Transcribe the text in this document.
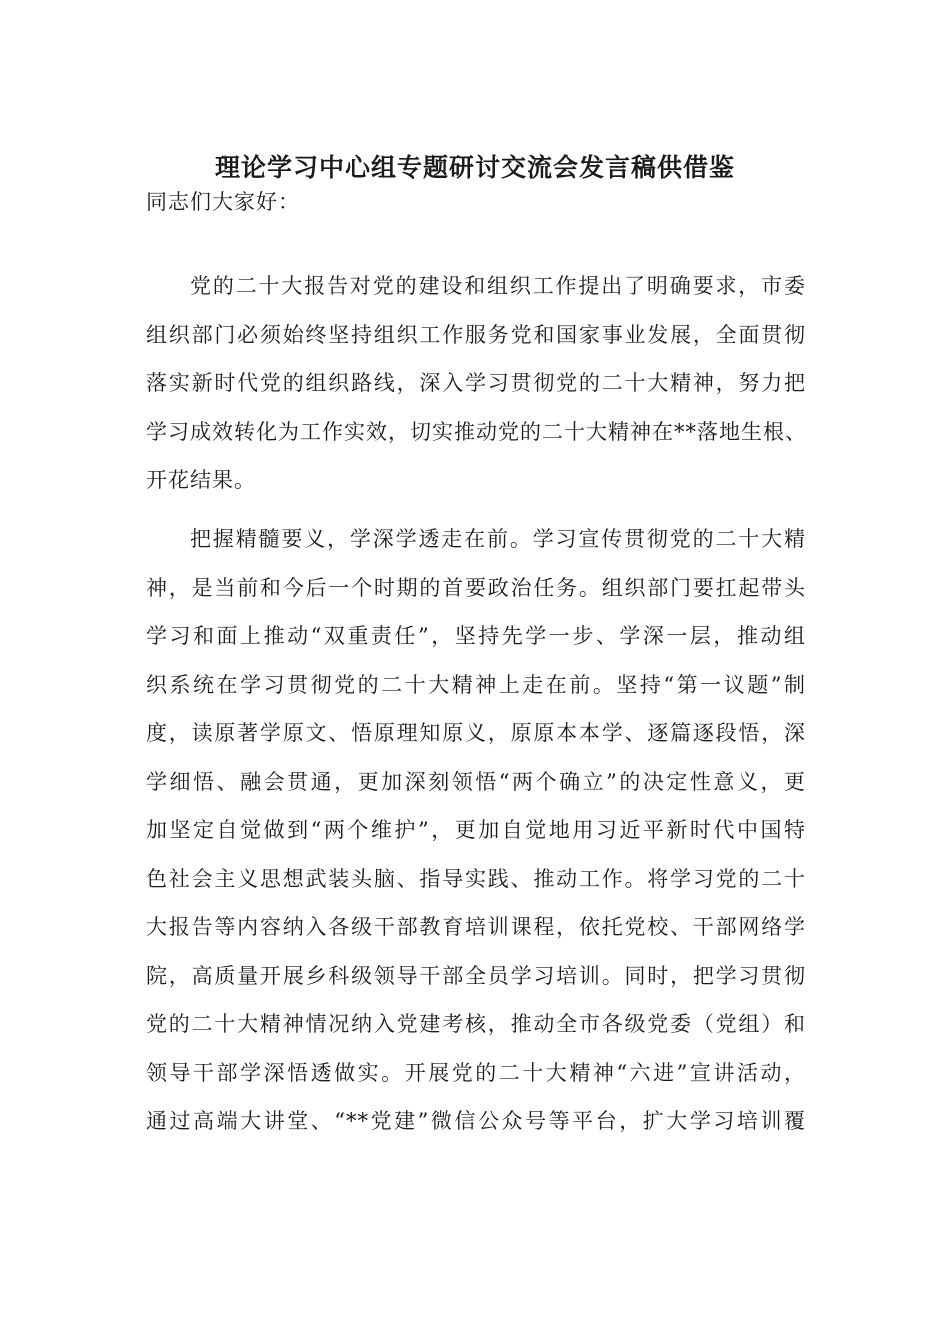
理论学习中心组专题研讨交流会发言稿供借鉴
同志们大家好：
党的二十大报告对党的建设和组织工作提出了明确要求，市委
组织部门必须始终坚持组织工作服务党和国家事业发展，全面贯彻
落实新时代党的组织路线，深入学习贯彻党的二十大精神，努力把
学习成效转化为工作实效，切实推动党的二十大精神在**落地生根、
开花结果。
把握精髓要义，学深学透走在前。学习宣传贯彻党的二十大精
神，是当前和今后一个时期的首要政治任务。组织部门要扛起带头
学习和面上推动“双重责任”，坚持先学一步、学深一层，推动组
织系统在学习贯彻党的二十大精神上走在前。坚持“第一议题”制
度，读原著学原文、悟原理知原义，原原本本学、逐篇逐段悟，深
学细悟、融会贯通，更加深刻领悟“两个确立”的决定性意义，更
加坚定自觉做到“两个维护”，更加自觉地用习近平新时代中国特
色社会主义思想武装头脑、指导实践、推动工作。将学习党的二十
大报告等内容纳入各级干部教育培训课程，依托党校、干部网络学
院，高质量开展乡科级领导干部全员学习培训。同时，把学习贯彻
党的二十大精神情况纳入党建考核，推动全市各级党委（党组）和
领导干部学深悟透做实。开展党的二十大精神“六进”宣讲活动，
通过高端大讲堂、“**党建”微信公众号等平台，扩大学习培训覆
